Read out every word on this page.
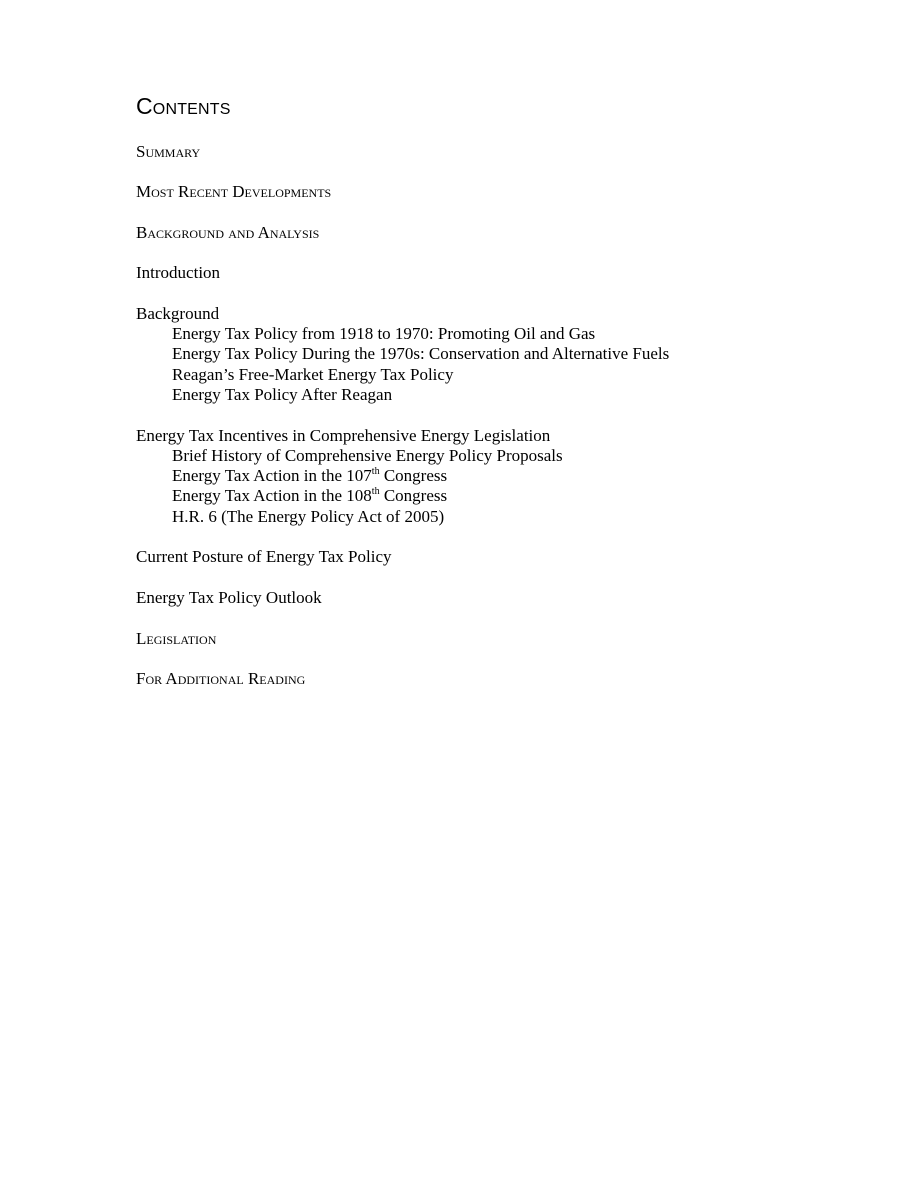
Contents
Summary
Most Recent Developments
Background and Analysis
Introduction
Background
Energy Tax Policy from 1918 to 1970: Promoting Oil and Gas
Energy Tax Policy During the 1970s: Conservation and Alternative Fuels
Reagan’s Free-Market Energy Tax Policy
Energy Tax Policy After Reagan
Energy Tax Incentives in Comprehensive Energy Legislation
Brief History of Comprehensive Energy Policy Proposals
Energy Tax Action in the 107th Congress
Energy Tax Action in the 108th Congress
H.R. 6 (The Energy Policy Act of 2005)
Current Posture of Energy Tax Policy
Energy Tax Policy Outlook
Legislation
For Additional Reading
